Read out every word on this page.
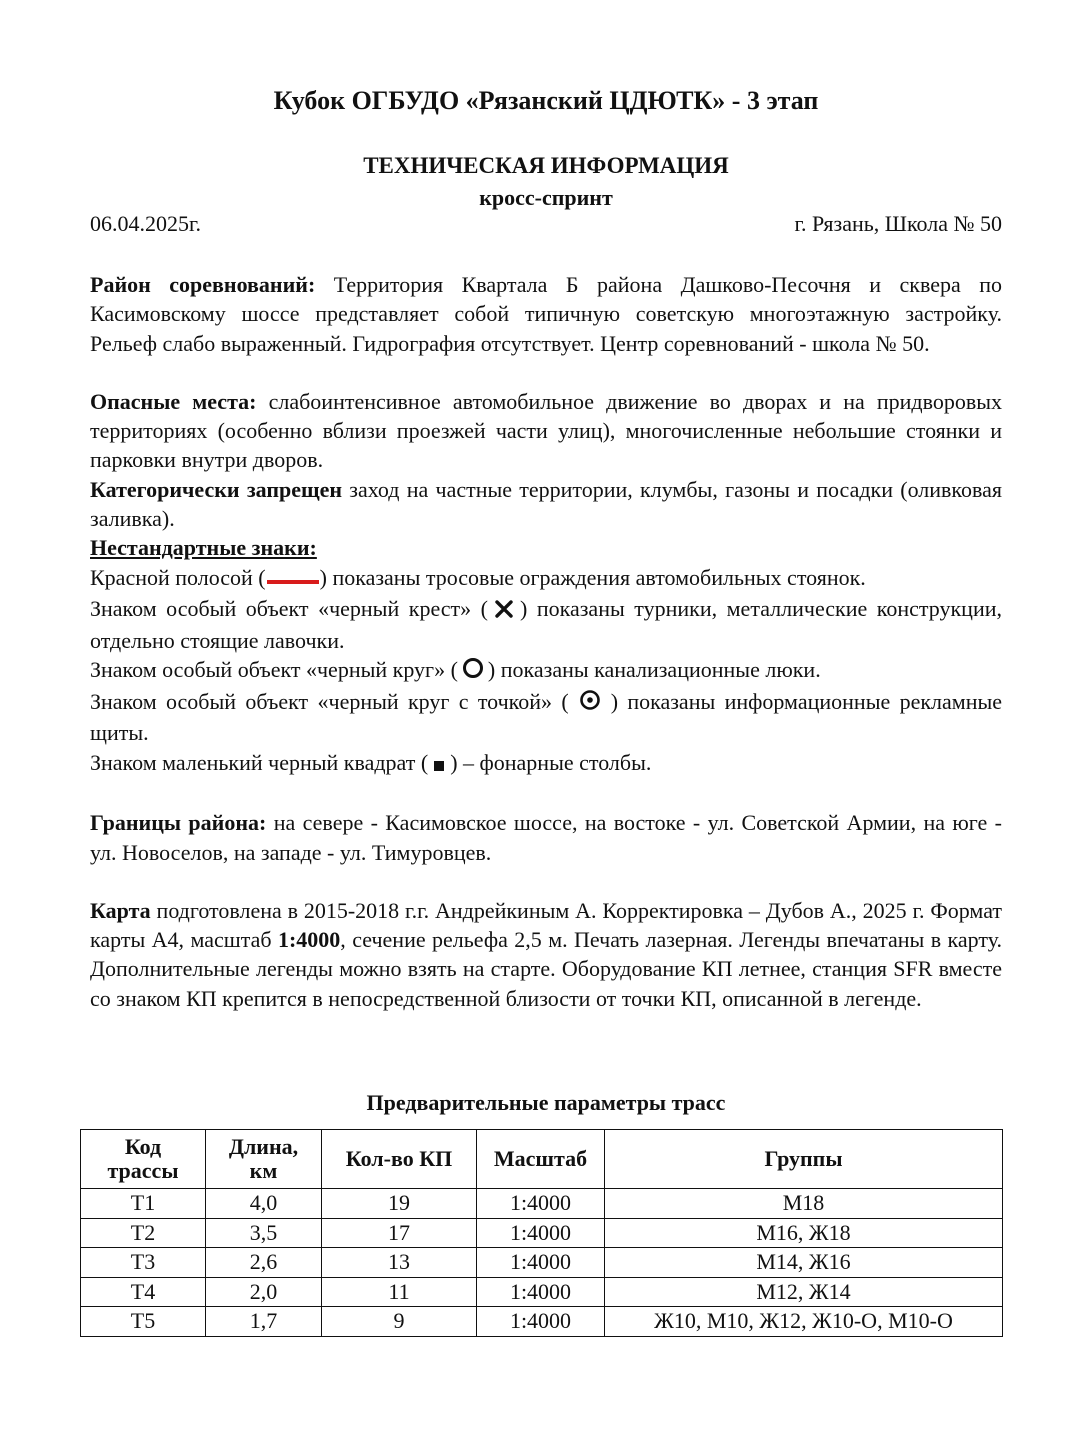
Кубок ОГБУДО «Рязанский ЦДЮТК» - 3 этап
ТЕХНИЧЕСКАЯ ИНФОРМАЦИЯ
кросс-спринт
06.04.2025г.	г. Рязань, Школа № 50

Район соревнований: Территория Квартала Б района Дашково-Песочня и сквера по Касимовскому шоссе представляет собой типичную советскую многоэтажную застройку. Рельеф слабо выраженный. Гидрография отсутствует. Центр соревнований - школа № 50.

Опасные места: слабоинтенсивное автомобильное движение во дворах и на придворовых территориях (особенно вблизи проезжей части улиц), многочисленные небольшие стоянки и парковки внутри дворов.

Категорически запрещен заход на частные территории, клумбы, газоны и посадки (оливковая заливка).

Нестандартные знаки:

Красной полосой ( ) показаны тросовые ограждения автомобильных стоянок.

Знаком особый объект «черный крест» ( ) показаны турники, металлические конструкции, отдельно стоящие лавочки.

Знаком особый объект «черный круг» ( ) показаны канализационные люки.

Знаком особый объект «черный круг с точкой» ( ) показаны информационные рекламные щиты.

Знаком маленький черный квадрат ( ) – фонарные столбы.

Границы района: на севере - Касимовское шоссе, на востоке - ул. Советской Армии, на юге - ул. Новоселов, на западе - ул. Тимуровцев.

Карта подготовлена в 2015-2018 г.г. Андрейкиным А. Корректировка – Дубов А., 2025 г. Формат карты А4, масштаб 1:4000, сечение рельефа 2,5 м. Печать лазерная. Легенды впечатаны в карту. Дополнительные легенды можно взять на старте. Оборудование КП летнее, станция SFR вместе со знаком КП крепится в непосредственной близости от точки КП, описанной в легенде.

Предварительные параметры трасс
Код трассы	Длина, км	Кол-во КП	Масштаб	Группы
Т1	4,0	19	1:4000	М18
Т2	3,5	17	1:4000	М16, Ж18
Т3	2,6	13	1:4000	М14, Ж16
Т4	2,0	11	1:4000	М12, Ж14
Т5	1,7	9	1:4000	Ж10, М10, Ж12, Ж10-О, М10-О
